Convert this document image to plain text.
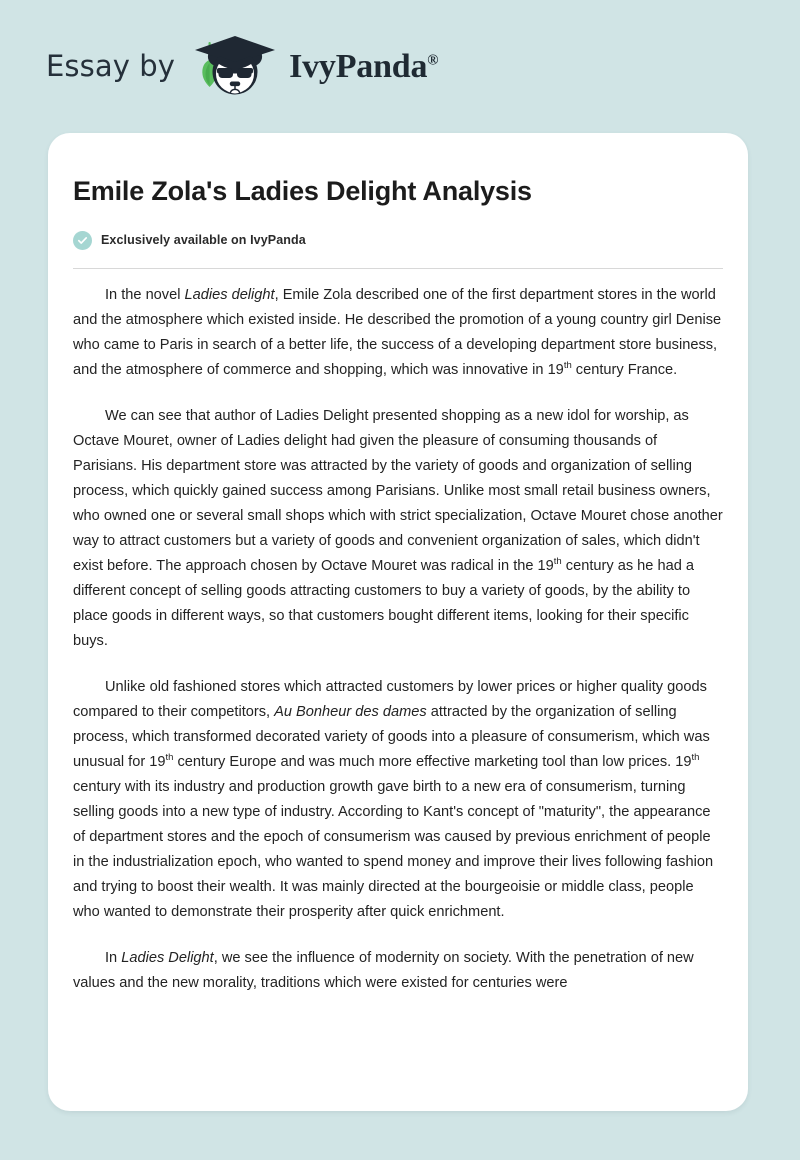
Essay by	IvyPanda®
Emile Zola's Ladies Delight Analysis
Exclusively available on IvyPanda

In the novel Ladies delight, Emile Zola described one of the first department stores in the world and the atmosphere which existed inside. He described the promotion of a young country girl Denise who came to Paris in search of a better life, the success of a developing department store business, and the atmosphere of commerce and shopping, which was innovative in 19th century France.

We can see that author of Ladies Delight presented shopping as a new idol for worship, as Octave Mouret, owner of Ladies delight had given the pleasure of consuming thousands of Parisians. His department store was attracted by the variety of goods and organization of selling process, which quickly gained success among Parisians. Unlike most small retail business owners, who owned one or several small shops which with strict specialization, Octave Mouret chose another way to attract customers but a variety of goods and convenient organization of sales, which didn't exist before. The approach chosen by Octave Mouret was radical in the 19th century as he had a different concept of selling goods attracting customers to buy a variety of goods, by the ability to place goods in different ways, so that customers bought different items, looking for their specific buys.

Unlike old fashioned stores which attracted customers by lower prices or higher quality goods compared to their competitors, Au Bonheur des dames attracted by the organization of selling process, which transformed decorated variety of goods into a pleasure of consumerism, which was unusual for 19th century Europe and was much more effective marketing tool than low prices. 19th century with its industry and production growth gave birth to a new era of consumerism, turning selling goods into a new type of industry. According to Kant's concept of "maturity", the appearance of department stores and the epoch of consumerism was caused by previous enrichment of people in the industrialization epoch, who wanted to spend money and improve their lives following fashion and trying to boost their wealth. It was mainly directed at the bourgeoisie or middle class, people who wanted to demonstrate their prosperity after quick enrichment.

In Ladies Delight, we see the influence of modernity on society. With the penetration of new values and the new morality, traditions which were existed for centuries were
